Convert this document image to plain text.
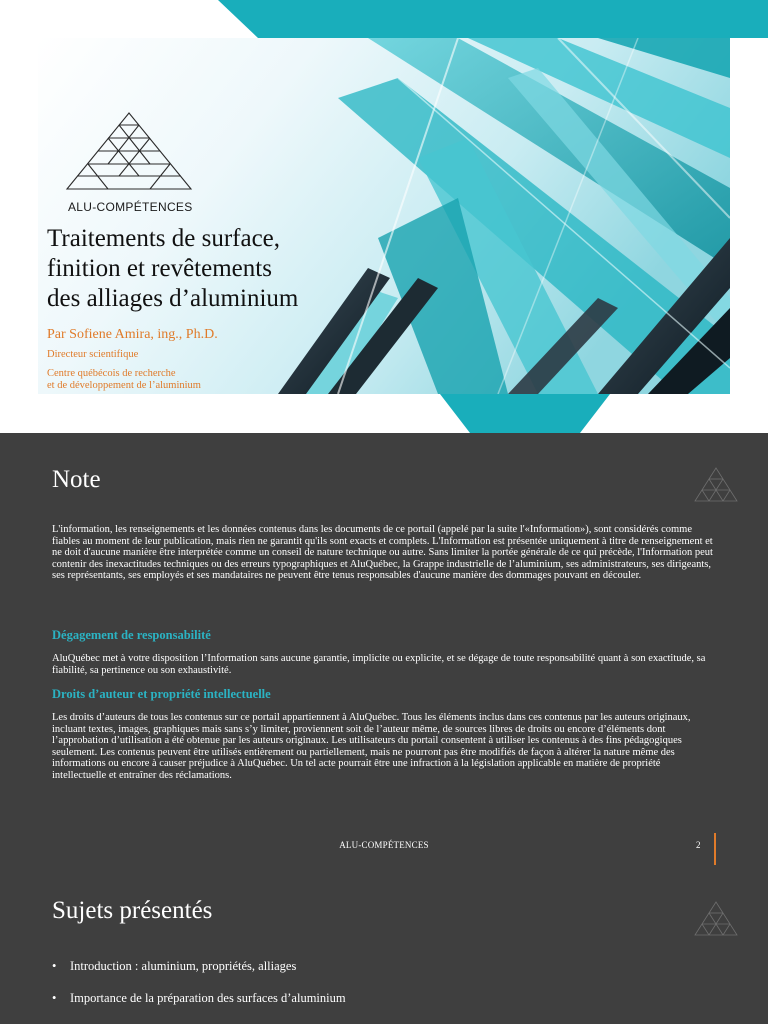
ALU-COMPÉTENCES
Traitements de surface,
finition et revêtements
des alliages d’aluminium
Par Sofiene Amira, ing., Ph.D.
Directeur scientifique
Centre québécois de recherche
et de développement de l’aluminium
Note

L'information, les renseignements et les données contenus dans les documents de ce portail (appelé par la suite l'«Information»), sont considérés comme fiables au moment de leur publication, mais rien ne garantit qu'ils sont exacts et complets. L'Information est présentée uniquement à titre de renseignement et ne doit d'aucune manière être interprétée comme un conseil de nature technique ou autre. Sans limiter la portée générale de ce qui précède, l'Information peut contenir des inexactitudes techniques ou des erreurs typographiques et AluQuébec, la Grappe industrielle de l’aluminium, ses administrateurs, ses dirigeants, ses représentants, ses employés et ses mandataires ne peuvent être tenus responsables d'aucune manière des dommages pouvant en découler.

Dégagement de responsabilité

AluQuébec met à votre disposition l’Information sans aucune garantie, implicite ou explicite, et se dégage de toute responsabilité quant à son exactitude, sa fiabilité, sa pertinence ou son exhaustivité.

Droits d’auteur et propriété intellectuelle

Les droits d’auteurs de tous les contenus sur ce portail appartiennent à AluQuébec. Tous les éléments inclus dans ces contenus par les auteurs originaux, incluant textes, images, graphiques mais sans s’y limiter, proviennent soit de l’auteur même, de sources libres de droits ou encore d’éléments dont l’approbation d’utilisation a été obtenue par les auteurs originaux. Les utilisateurs du portail consentent à utiliser les contenus à des fins pédagogiques seulement. Les contenus peuvent être utilisés entièrement ou partiellement, mais ne pourront pas être modifiés de façon à altérer la nature même des informations ou encore à causer préjudice à AluQuébec. Un tel acte pourrait être une infraction à la législation applicable en matière de propriété intellectuelle et entraîner des réclamations.

ALU-COMPÉTENCES	2
Sujets présentés
• Introduction : aluminium, propriétés, alliages
• Importance de la préparation des surfaces d’aluminium
